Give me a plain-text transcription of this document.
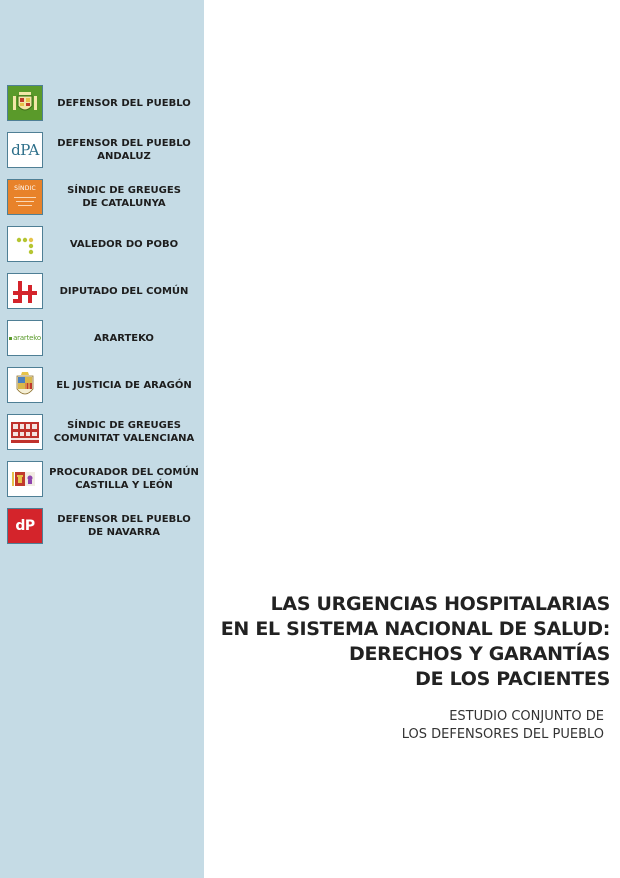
DEFENSOR DEL PUEBLO
dPA	DEFENSOR DEL PUEBLO
ANDALUZ
SÍNDIC	SÍNDIC DE GREUGES
DE CATALUNYA
VALEDOR DO POBO
DIPUTADO DEL COMÚN
ararteko	ARARTEKO
EL JUSTICIA DE ARAGÓN
SÍNDIC DE GREUGES
COMUNITAT VALENCIANA
PROCURADOR DEL COMÚN
CASTILLA Y LEÓN
dP	DEFENSOR DEL PUEBLO
DE NAVARRA
LAS URGENCIAS HOSPITALARIAS
EN EL SISTEMA NACIONAL DE SALUD:
DERECHOS Y GARANTÍAS
DE LOS PACIENTES
ESTUDIO CONJUNTO DE
LOS DEFENSORES DEL PUEBLO
